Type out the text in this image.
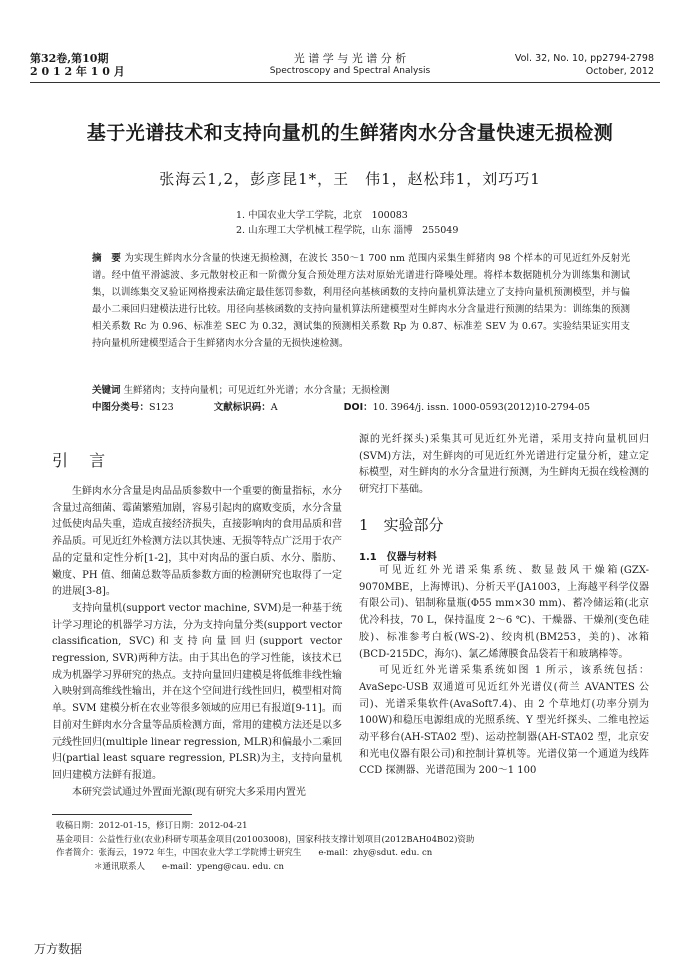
第32卷,第10期
2 0 1 2 年 1 0 月
光 谱 学 与 光 谱 分 析
Spectroscopy and Spectral Analysis
Vol. 32, No. 10, pp2794-2798
October, 2012
基于光谱技术和支持向量机的生鲜猪肉水分含量快速无损检测
张海云1,2，彭彦昆1*，王　伟1，赵松玮1，刘巧巧1
1. 中国农业大学工学院，北京　100083
2. 山东理工大学机械工程学院，山东 淄博　255049
摘　要 为实现生鲜肉水分含量的快速无损检测，在波长 350～1 700 nm 范围内采集生鲜猪肉 98 个样本的可见近红外反射光谱。经中值平滑滤波、多元散射校正和一阶微分复合预处理方法对原始光谱进行降噪处理。将样本数据随机分为训练集和测试集，以训练集交叉验证网格搜索法确定最佳惩罚参数，利用径向基核函数的支持向量机算法建立了支持向量机预测模型，并与偏最小二乘回归建模法进行比较。用径向基核函数的支持向量机算法所建模型对生鲜肉水分含量进行预测的结果为：训练集的预测相关系数 Rc 为 0.96、标准差 SEC 为 0.32，测试集的预测相关系数 Rp 为 0.87、标准差 SEV 为 0.67。实验结果证实用支持向量机所建模型适合于生鲜猪肉水分含量的无损快速检测。
关键词 生鲜猪肉；支持向量机；可见近红外光谱；水分含量；无损检测
中图分类号：S123	文献标识码：A	DOI：10. 3964/j. issn. 1000-0593(2012)10-2794-05
引 言

生鲜肉水分含量是肉品品质参数中一个重要的衡量指标，水分含量过高细菌、霉菌繁殖加剧，容易引起肉的腐败变质，水分含量过低使肉品失重，造成直接经济损失，直接影响肉的食用品质和营养品质。可见近红外检测方法以其快速、无损等特点广泛用于农产品的定量和定性分析[1-2]，其中对肉品的蛋白质、水分、脂肪、嫩度、PH 值、细菌总数等品质参数方面的检测研究也取得了一定的进展[3-8]。

支持向量机(support vector machine, SVM)是一种基于统计学习理论的机器学习方法，分为支持向量分类(support vector classification, SVC)和支持向量回归(support vector regression, SVR)两种方法。由于其出色的学习性能，该技术已成为机器学习界研究的热点。支持向量回归建模是将低维非线性输入映射到高维线性输出，并在这个空间进行线性回归，模型相对简单。SVM 建模分析在农业等很多领域的应用已有报道[9-11]。而目前对生鲜肉水分含量等品质检测方面，常用的建模方法还是以多元线性回归(multiple linear regression, MLR)和偏最小二乘回归(partial least square regression, PLSR)为主，支持向量机回归建模方法鲜有报道。

本研究尝试通过外置面光源(现有研究大多采用内置光

源的光纤探头)采集其可见近红外光谱，采用支持向量机回归(SVM)方法，对生鲜肉的可见近红外光谱进行定量分析，建立定标模型，对生鲜肉的水分含量进行预测，为生鲜肉无损在线检测的研究打下基础。

1　实验部分
1.1　仪器与材料

可见近红外光谱采集系统、数显鼓风干燥箱(GZX-9070MBE，上海博讯)、分析天平(JA1003，上海越平科学仪器有限公司)、铝制称量瓶(Φ55 mm×30 mm)、蓄冷储运箱(北京优冷科技，70 L，保持温度 2～6 ℃)、干燥器、干燥剂(变色硅胶)、标准参考白板(WS-2)、绞肉机(BM253，美的)、冰箱(BCD-215DC，海尔)、氯乙烯薄膜食品袋若干和玻璃棒等。

可见近红外光谱采集系统如图 1 所示，该系统包括：AvaSepc-USB 双通道可见近红外光谱仪(荷兰 AVANTES 公司)、光谱采集软件(AvaSoft7.4)、由 2 个草地灯(功率分别为 100W)和稳压电源组成的光照系统、Y 型光纤探头、二维电控运动平移台(AH-STA02 型)、运动控制器(AH-STA02 型，北京安和光电仪器有限公司)和控制计算机等。光谱仪第一个通道为线阵 CCD 探测器、光谱范围为 200～1 100

收稿日期：2012-01-15，修订日期：2012-04-21
基金项目：公益性行业(农业)科研专项基金项目(201003008)，国家科技支撑计划项目(2012BAH04B02)资助
作者简介：张海云，1972 年生，中国农业大学工学院博士研究生　　e-mail：zhy@sdut. edu. cn
＊通讯联系人　　e-mail：ypeng@cau. edu. cn
万方数据
